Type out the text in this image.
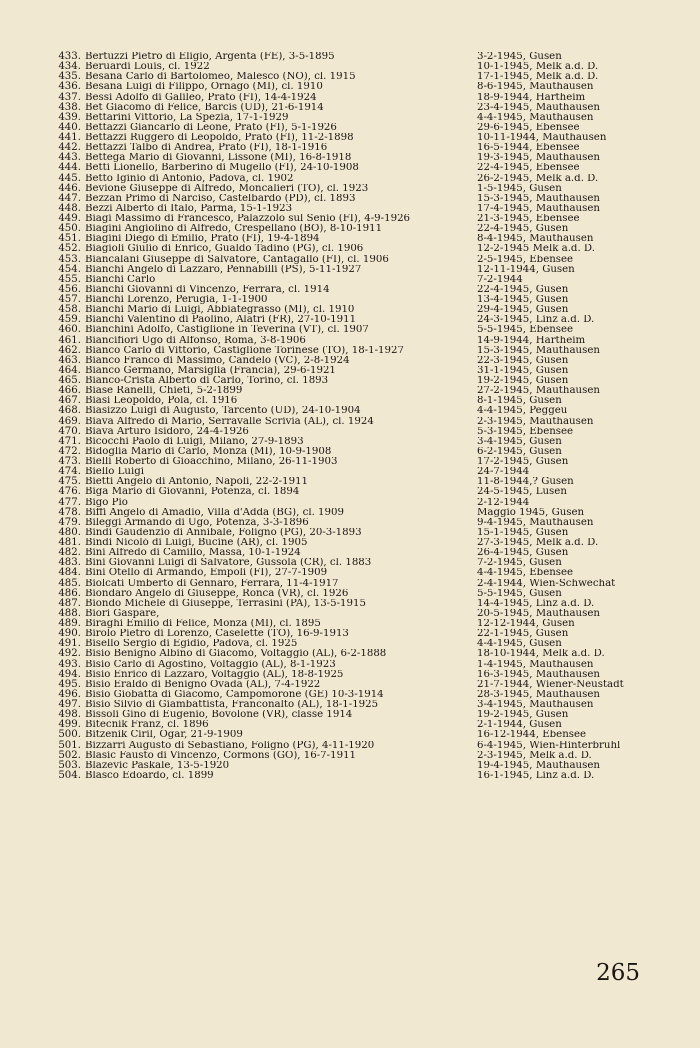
433. Bertuzzi Pietro di Eligio, Argenta (FE), 3-5-1895	3-2-1945, Gusen
434. Beruardi Louis, cl. 1922	10-1-1945, Melk a.d. D.
435. Besana Carlo di Bartolomeo, Malesco (NO), cl. 1915	17-1-1945, Melk a.d. D.
436. Besana Luigi di Filippo, Ornago (MI), cl. 1910	8-6-1945, Mauthausen
437. Bessi Adolfo di Galileo, Prato (FI), 14-4-1924	18-9-1944, Hartheim
438. Bet Giacomo di Felice, Barcis (UD), 21-6-1914	23-4-1945, Mauthausen
439. Bettarini Vittorio, La Spezia, 17-1-1929	4-4-1945, Mauthausen
440. Bettazzi Giancarlo di Leone, Prato (FI), 5-1-1926	29-6-1945, Ebensee
441. Bettazzi Ruggero di Leopoldo, Prato (FI), 11-2-1898	10-11-1944, Mauthausen
442. Bettazzi Talbo di Andrea, Prato (FI), 18-1-1916	16-5-1944, Ebensee
443. Bettega Mario di Giovanni, Lissone (MI), 16-8-1918	19-3-1945, Mauthausen
444. Betti Lionello, Barberino di Mugello (FI), 24-10-1908	22-4-1945, Ebensee
445. Betto Iginio di Antonio, Padova, cl. 1902	26-2-1945, Melk a.d. D.
446. Bevione Giuseppe di Alfredo, Moncalieri (TO), cl. 1923	1-5-1945, Gusen
447. Bezzan Primo di Narciso, Castelbardo (PD), cl. 1893	15-3-1945, Mauthausen
448. Bezzi Alberto di Italo, Parma, 15-1-1923	17-4-1945, Mauthausen
449. Biagi Massimo di Francesco, Palazzolo sul Senio (FI), 4-9-1926	21-3-1945, Ebensee
450. Biagini Angiolino di Alfredo, Crespellano (BO), 8-10-1911	22-4-1945, Gusen
451. Biagini Diego di Emilio, Prato (FI), 19-4-1894	8-4-1945, Mauthausen
452. Biagioli Giulio di Enrico, Gualdo Tadino (PG), cl. 1906	12-2-1945 Melk a.d. D.
453. Biancalani Giuseppe di Salvatore, Cantagallo (FI), cl. 1906	2-5-1945, Ebensee
454. Bianchi Angelo di Lazzaro, Pennabilli (PS), 5-11-1927	12-11-1944, Gusen
455. Bianchi Carlo	7-2-1944
456. Bianchi Giovanni di Vincenzo, Ferrara, cl. 1914	22-4-1945, Gusen
457. Bianchi Lorenzo, Perugia, 1-1-1900	13-4-1945, Gusen
458. Bianchi Mario di Luigi, Abbiategrasso (MI), cl. 1910	29-4-1945, Gusen
459. Bianchi Valentino di Paolino, Alatri (FR), 27-10-1911	24-3-1945, Linz a.d. D.
460. Bianchini Adolfo, Castiglione in Teverina (VT), cl. 1907	5-5-1945, Ebensee
461. Biancifiori Ugo di Alfonso, Roma, 3-8-1906	14-9-1944, Hartheim
462. Bianco Carlo di Vittorio, Castiglione Torinese (TO), 18-1-1927	15-3-1945, Mauthausen
463. Bianco Franco di Massimo, Candelo (VC), 2-8-1924	22-3-1945, Gusen
464. Bianco Germano, Marsiglia (Francia), 29-6-1921	31-1-1945, Gusen
465. Bianco-Crista Alberto di Carlo, Torino, cl. 1893	19-2-1945, Gusen
466. Biase Ranelli, Chieti, 5-2-1899	27-2-1945, Mauthausen
467. Biasi Leopoldo, Pola, cl. 1916	8-1-1945, Gusen
468. Biasizzo Luigi di Augusto, Tarcento (UD), 24-10-1904	4-4-1945, Peggeu
469. Biava Alfredo di Mario, Serravalle Scrivia (AL), cl. 1924	2-3-1945, Mauthausen
470. Biava Arturo Isidoro, 24-4-1926	5-3-1945, Ebensee
471. Bicocchi Paolo di Luigi, Milano, 27-9-1893	3-4-1945, Gusen
472. Bidoglia Mario di Carlo, Monza (MI), 10-9-1908	6-2-1945, Gusen
473. Bielli Roberto di Gioacchino, Milano, 26-11-1903	17-2-1945, Gusen
474. Biello Luigi	24-7-1944
475. Bietti Angelo di Antonio, Napoli, 22-2-1911	11-8-1944,? Gusen
476. Biga Mario di Giovanni, Potenza, cl. 1894	24-5-1945, Lusen
477. Bigo Pio	2-12-1944
478. Biffi Angelo di Amadio, Villa d'Adda (BG), cl. 1909	Maggio 1945, Gusen
479. Bileggi Armando di Ugo, Potenza, 3-3-1896	9-4-1945, Mauthausen
480. Bindi Gaudenzio di Annibale, Foligno (PG), 20-3-1893	15-1-1945, Gusen
481. Bindi Nicolò di Luigi, Bucine (AR), cl. 1905	27-3-1945, Melk a.d. D.
482. Bini Alfredo di Camillo, Massa, 10-1-1924	26-4-1945, Gusen
483. Bini Giovanni Luigi di Salvatore, Gussola (CR), cl. 1883	7-2-1945, Gusen
484. Bini Otello di Armando, Empoli (FI), 27-7-1909	4-4-1945, Ebensee
485. Biolcati Umberto di Gennaro, Ferrara, 11-4-1917	2-4-1944, Wien-Schwechat
486. Biondaro Angelo di Giuseppe, Ronca (VR), cl. 1926	5-5-1945, Gusen
487. Biondo Michele di Giuseppe, Terrasini (PA), 13-5-1915	14-4-1945, Linz a.d. D.
488. Biori Gaspare,	20-5-1945, Mauthausen
489. Biraghi Emilio di Felice, Monza (MI), cl. 1895	12-12-1944, Gusen
490. Birolo Pietro di Lorenzo, Caselette (TO), 16-9-1913	22-1-1945, Gusen
491. Bisello Sergio di Egidio, Padova, cl. 1925	4-4-1945, Gusen
492. Bisio Benigno Albino di Giacomo, Voltaggio (AL), 6-2-1888	18-10-1944, Melk a.d. D.
493. Bisio Carlo di Agostino, Voltaggio (AL), 8-1-1923	1-4-1945, Mauthausen
494. Bisio Enrico di Lazzaro, Voltaggio (AL), 18-8-1925	16-3-1945, Mauthausen
495. Bisio Eraldo di Benigno Ovada (AL), 7-4-1922	21-7-1944, Wiener-Neustadt
496. Bisio Giobatta di Giacomo, Campomorone (GE) 10-3-1914	28-3-1945, Mauthausen
497. Bisio Silvio di Giambattista, Franconalto (AL), 18-1-1925	3-4-1945, Mauthausen
498. Bissoli Gino di Eugenio, Bovolone (VR), classe 1914	19-2-1945, Gusen
499. Bitecnik Franz, cl. 1896	2-1-1944, Gusen
500. Bitzenik Ciril, Ogar, 21-9-1909	16-12-1944, Ebensee
501. Bizzarri Augusto di Sebastiano, Foligno (PG), 4-11-1920	6-4-1945, Wien-Hinterbruhl
502. Blasic Fausto di Vincenzo, Cormons (GO), 16-7-1911	2-3-1945, Melk a.d. D.
503. Blazevic Paskale, 13-5-1920	19-4-1945, Mauthausen
504. Blasco Edoardo, cl. 1899	16-1-1945, Linz a.d. D.
265
